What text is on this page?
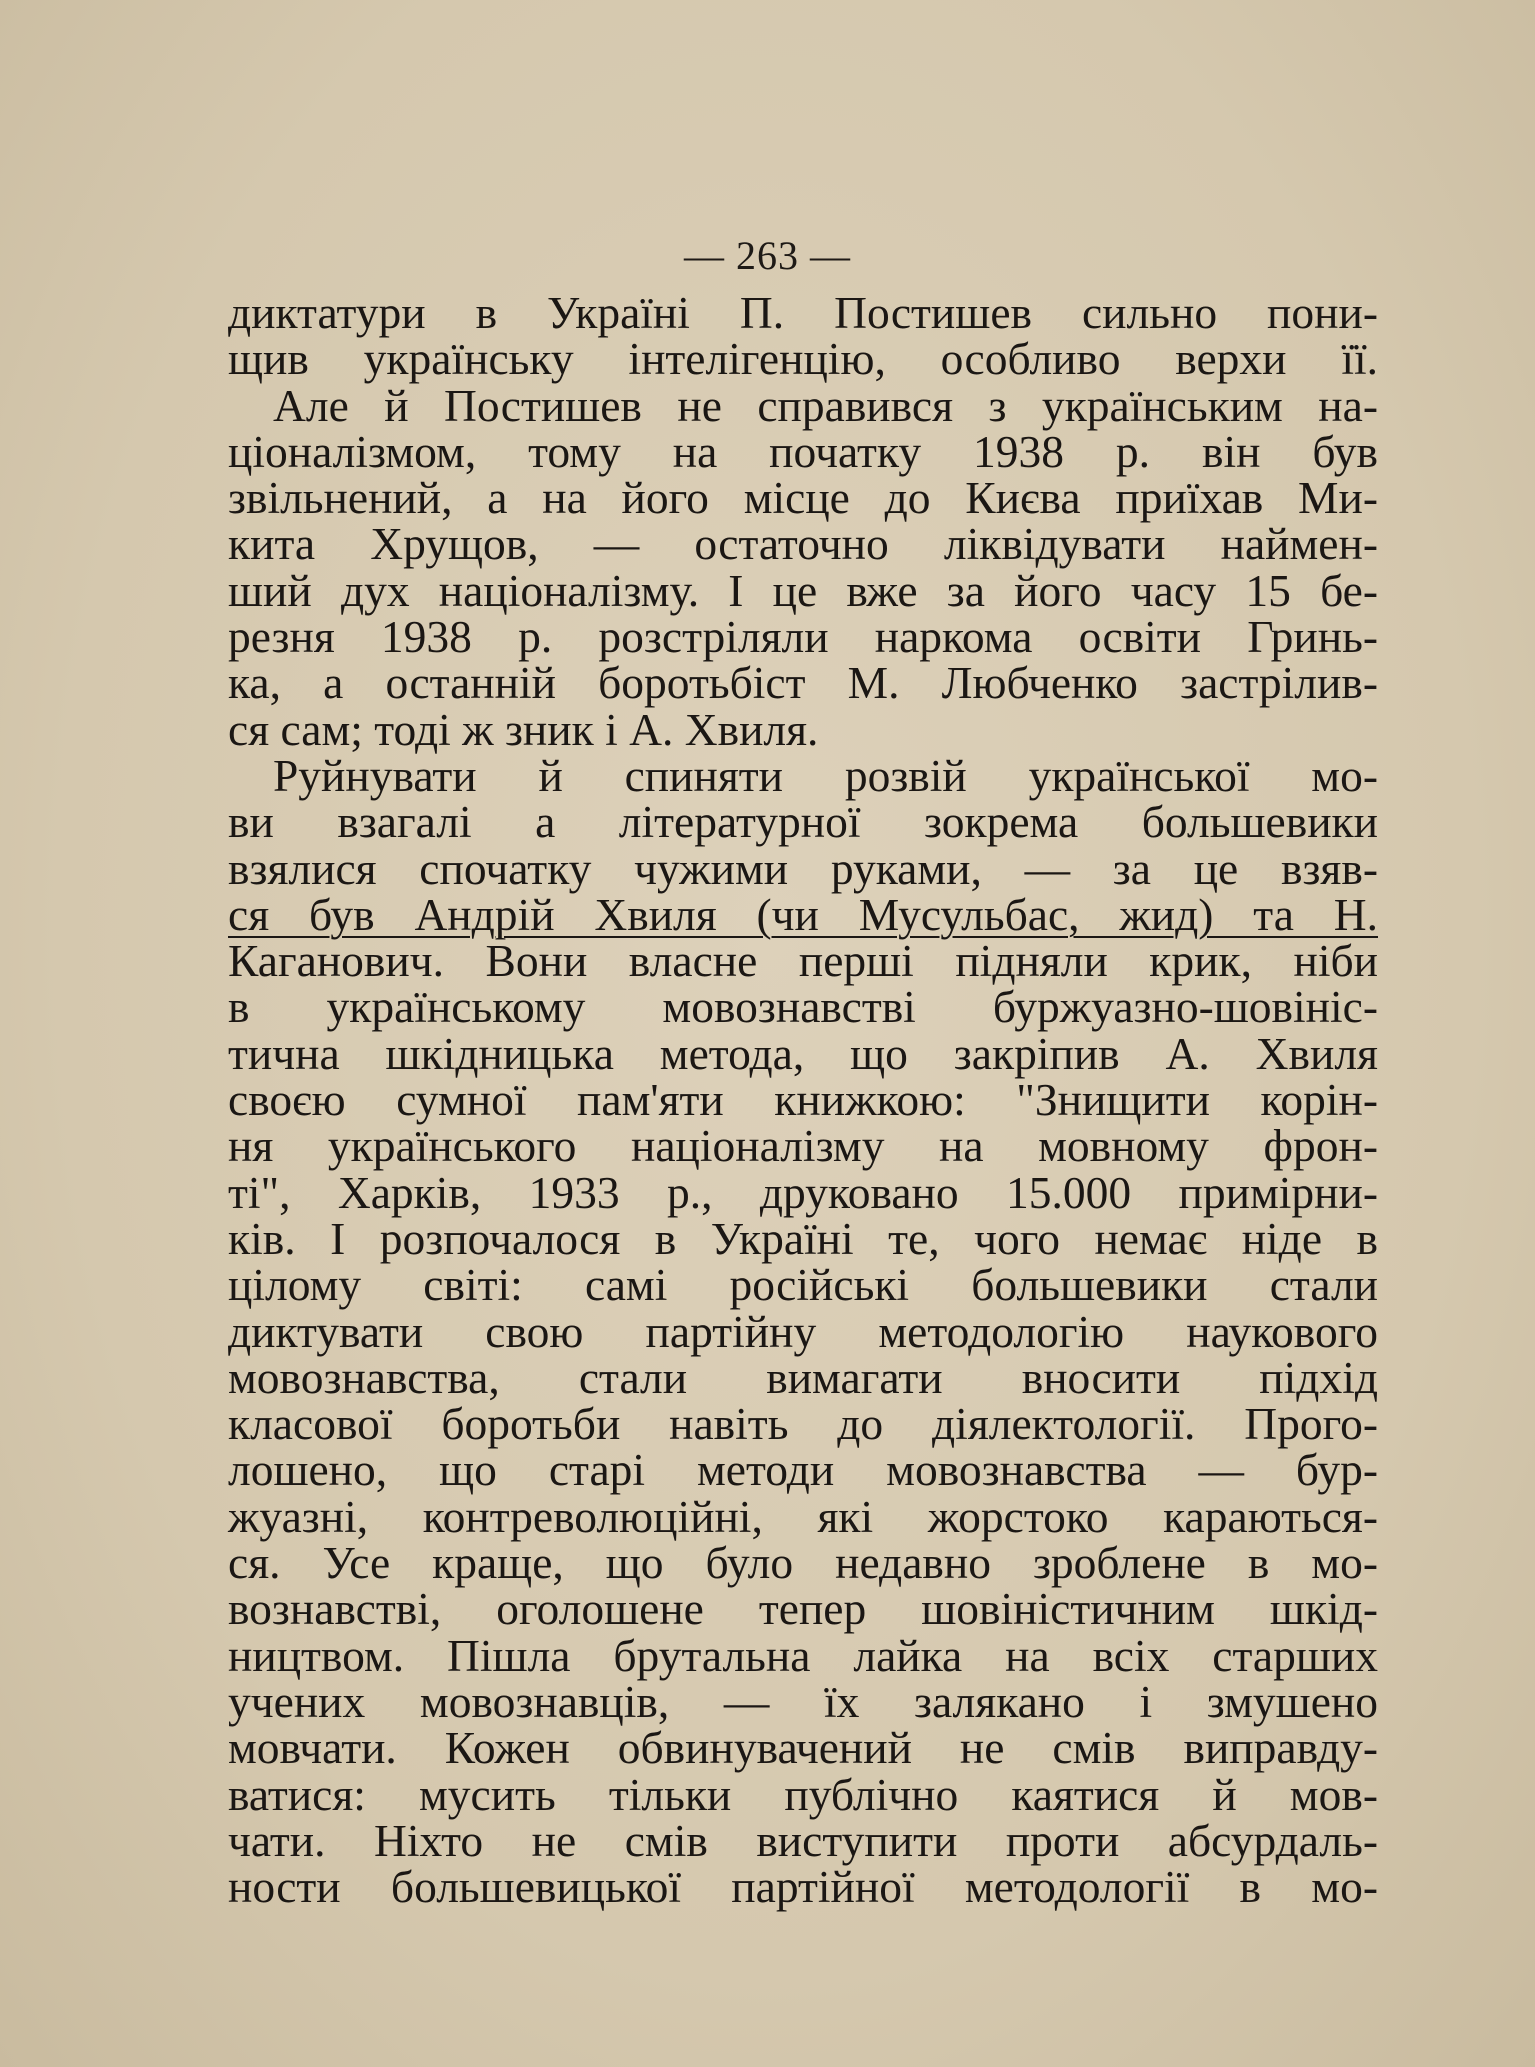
— 263 —
диктатури в Україні П. Постишев сильно пони-
щив українську інтелігенцію, особливо верхи її.
Але й Постишев не справився з українським на-
ціоналізмом, тому на початку 1938 р. він був
звільнений, а на його місце до Києва приїхав Ми-
кита Хрущов, — остаточно ліквідувати наймен-
ший дух націоналізму. І це вже за його часу 15 бе-
резня 1938 р. розстріляли наркома освіти Гринь-
ка, а останній боротьбіст М. Любченко застрілив-
ся сам; тоді ж зник і А. Хвиля.
Руйнувати й спиняти розвій української мо-
ви взагалі а літературної зокрема большевики
взялися спочатку чужими руками, — за це взяв-
ся був Андрій Хвиля (чи Мусульбас, жид) та Н.
Каганович. Вони власне перші підняли крик, ніби
в українському мовознавстві буржуазно-шовініс-
тична шкідницька метода, що закріпив А. Хвиля
своєю сумної пам'яти книжкою: "Знищити корін-
ня українського націоналізму на мовному фрон-
ті", Харків, 1933 р., друковано 15.000 примірни-
ків. І розпочалося в Україні те, чого немає ніде в
цілому світі: самі російські большевики стали
диктувати свою партійну методологію наукового
мовознавства, стали вимагати вносити підхід
класової боротьби навіть до діялектології. Прого-
лошено, що старі методи мовознавства — бур-
жуазні, контреволюційні, які жорстоко караються-
ся. Усе краще, що було недавно зроблене в мо-
вознавстві, оголошене тепер шовіністичним шкід-
ництвом. Пішла брутальна лайка на всіх старших
учених мовознавців, — їх залякано і змушено
мовчати. Кожен обвинувачений не смів виправду-
ватися: мусить тільки публічно каятися й мов-
чати. Ніхто не смів виступити проти абсурдаль-
ности большевицької партійної методології в мо-
